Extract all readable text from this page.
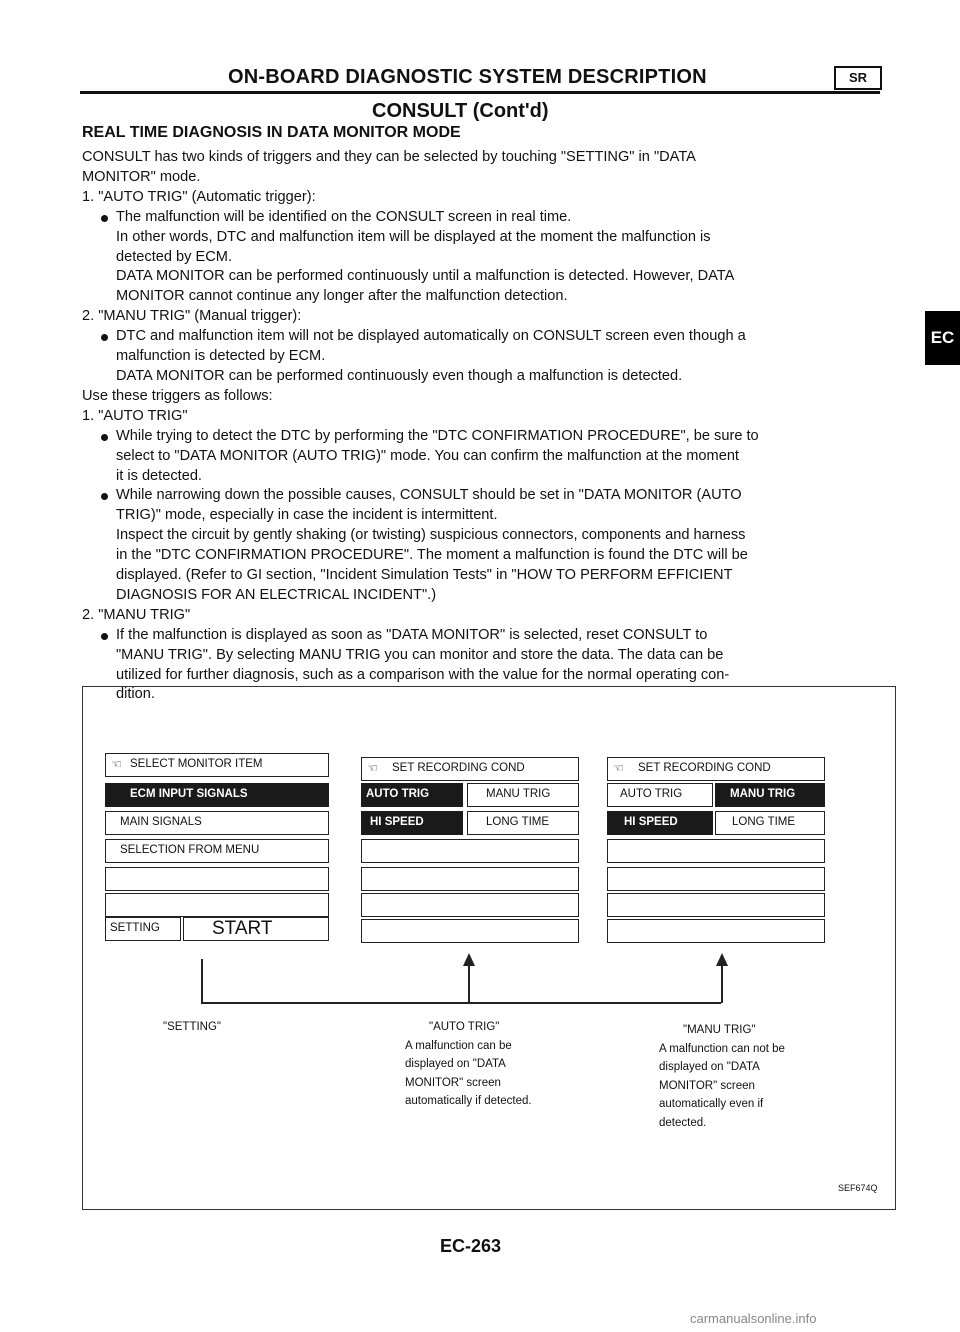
ON-BOARD DIAGNOSTIC SYSTEM DESCRIPTION	SR
CONSULT (Cont'd)
REAL TIME DIAGNOSIS IN DATA MONITOR MODE
CONSULT has two kinds of triggers and they can be selected by touching "SETTING" in "DATA
MONITOR" mode.
1. "AUTO TRIG" (Automatic trigger):
The malfunction will be identified on the CONSULT screen in real time.
In other words, DTC and malfunction item will be displayed at the moment the malfunction is
detected by ECM.
DATA MONITOR can be performed continuously until a malfunction is detected. However, DATA
MONITOR cannot continue any longer after the malfunction detection.
2. "MANU TRIG" (Manual trigger):
DTC and malfunction item will not be displayed automatically on CONSULT screen even though a
malfunction is detected by ECM.
DATA MONITOR can be performed continuously even though a malfunction is detected.
Use these triggers as follows:
1. "AUTO TRIG"
While trying to detect the DTC by performing the "DTC CONFIRMATION PROCEDURE", be sure to
select to "DATA MONITOR (AUTO TRIG)" mode. You can confirm the malfunction at the moment
it is detected.
While narrowing down the possible causes, CONSULT should be set in "DATA MONITOR (AUTO
TRIG)" mode, especially in case the incident is intermittent.
Inspect the circuit by gently shaking (or twisting) suspicious connectors, components and harness
in the "DTC CONFIRMATION PROCEDURE". The moment a malfunction is found the DTC will be
displayed. (Refer to GI section, "Incident Simulation Tests" in "HOW TO PERFORM EFFICIENT
DIAGNOSIS FOR AN ELECTRICAL INCIDENT".)
2. "MANU TRIG"
If the malfunction is displayed as soon as "DATA MONITOR" is selected, reset CONSULT to
"MANU TRIG". By selecting MANU TRIG you can monitor and store the data. The data can be
utilized for further diagnosis, such as a comparison with the value for the normal operating con-
dition.
EC
☜ SELECT MONITOR ITEM
ECM INPUT SIGNALS
MAIN SIGNALS
SELECTION FROM MENU
SETTING	START
☜ SET RECORDING COND
AUTO TRIG	MANU TRIG
HI SPEED	LONG TIME
☜ SET RECORDING COND
AUTO TRIG	MANU TRIG
HI SPEED	LONG TIME
"SETTING"	"AUTO TRIG"
A malfunction can be
displayed on "DATA
MONITOR" screen
automatically if detected.
"MANU TRIG"
A malfunction can not be
displayed on "DATA
MONITOR" screen
automatically even if
detected.
SEF674Q
EC-263
carmanualsonline.info
